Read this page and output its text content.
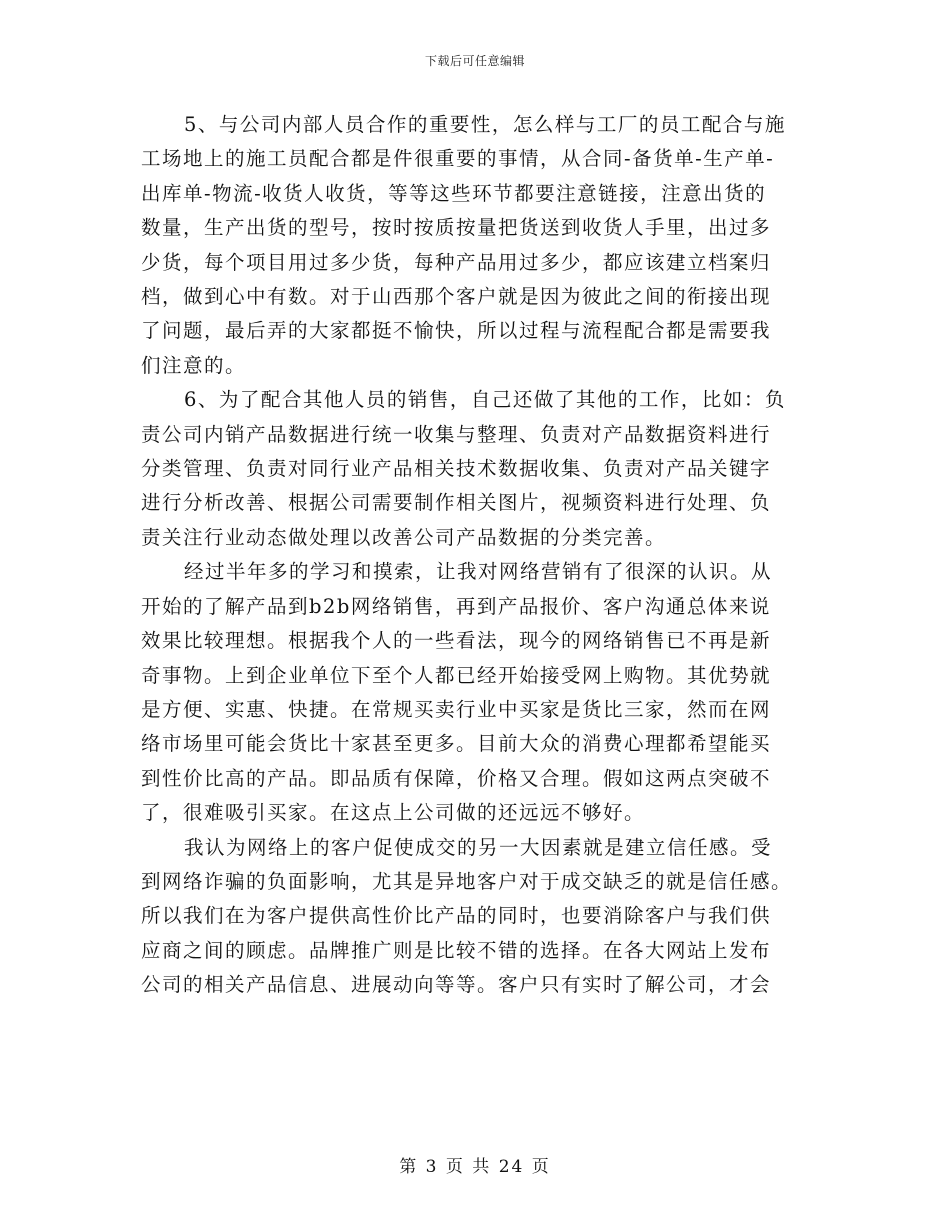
下载后可任意编辑
5、与公司内部人员合作的重要性，怎么样与工厂的员工配合与施
工场地上的施工员配合都是件很重要的事情，从合同-备货单-生产单-
出库单-物流-收货人收货，等等这些环节都要注意链接，注意出货的
数量，生产出货的型号，按时按质按量把货送到收货人手里，出过多
少货，每个项目用过多少货，每种产品用过多少，都应该建立档案归
档，做到心中有数。对于山西那个客户就是因为彼此之间的衔接出现
了问题，最后弄的大家都挺不愉快，所以过程与流程配合都是需要我
们注意的。
6、为了配合其他人员的销售，自己还做了其他的工作，比如：负
责公司内销产品数据进行统一收集与整理、负责对产品数据资料进行
分类管理、负责对同行业产品相关技术数据收集、负责对产品关键字
进行分析改善、根据公司需要制作相关图片，视频资料进行处理、负
责关注行业动态做处理以改善公司产品数据的分类完善。
经过半年多的学习和摸索，让我对网络营销有了很深的认识。从
开始的了解产品到b2b网络销售，再到产品报价、客户沟通总体来说
效果比较理想。根据我个人的一些看法，现今的网络销售已不再是新
奇事物。上到企业单位下至个人都已经开始接受网上购物。其优势就
是方便、实惠、快捷。在常规买卖行业中买家是货比三家，然而在网
络市场里可能会货比十家甚至更多。目前大众的消费心理都希望能买
到性价比高的产品。即品质有保障，价格又合理。假如这两点突破不
了，很难吸引买家。在这点上公司做的还远远不够好。
我认为网络上的客户促使成交的另一大因素就是建立信任感。受
到网络诈骗的负面影响，尤其是异地客户对于成交缺乏的就是信任感。
所以我们在为客户提供高性价比产品的同时，也要消除客户与我们供
应商之间的顾虑。品牌推广则是比较不错的选择。在各大网站上发布
公司的相关产品信息、进展动向等等。客户只有实时了解公司，才会
第 3 页 共 24 页
